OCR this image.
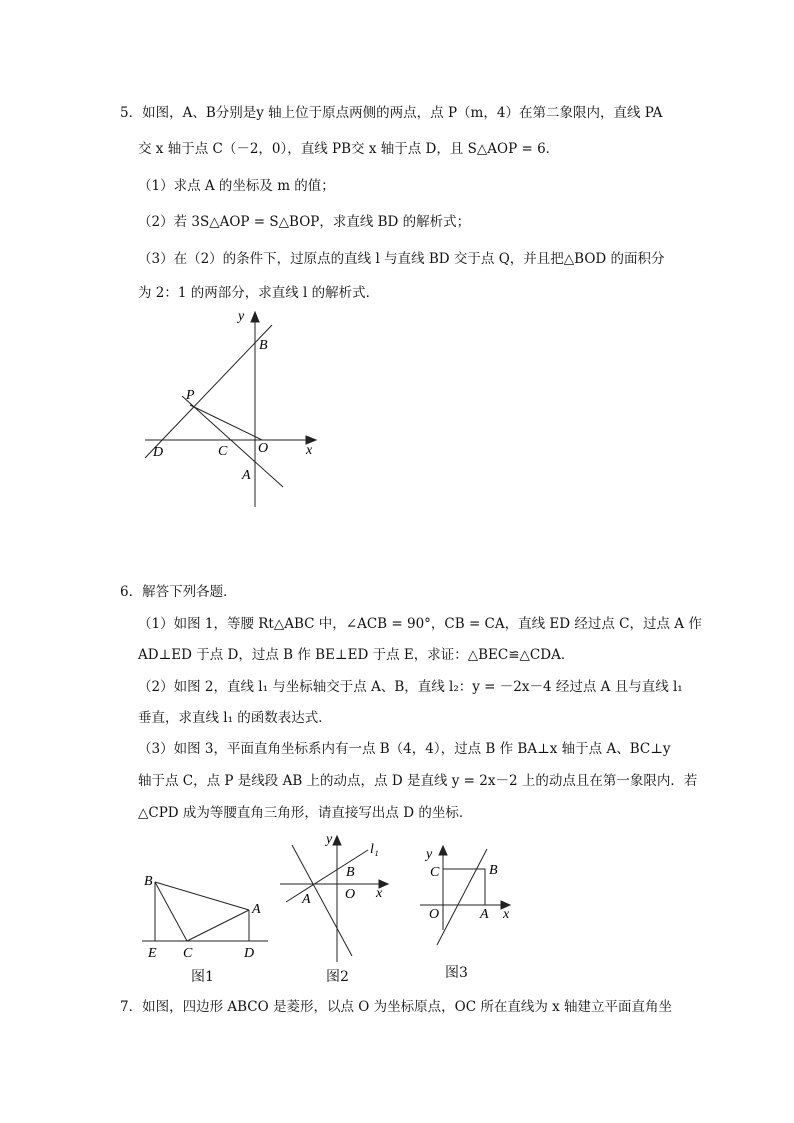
5．如图，A、B分别是y 轴上位于原点两侧的两点，点 P（m，4）在第二象限内，直线 PA
交 x 轴于点 C（－2，0），直线 PB交 x 轴于点 D，且 S△AOP = 6．
（1）求点 A 的坐标及 m 的值；
（2）若 3S△AOP = S△BOP，求直线 BD 的解析式；
（3）在（2）的条件下，过原点的直线 l 与直线 BD 交于点 Q，并且把△BOD 的面积分
为 2：1 的两部分，求直线 l 的解析式．
y
B
P
D	C O	x
A
6．解答下列各题．
（1）如图 1，等腰 Rt△ABC 中，∠ACB = 90°，CB = CA，直线 ED 经过点 C，过点 A 作
AD⊥ED 于点 D，过点 B 作 BE⊥ED 于点 E，求证：△BEC≌△CDA．
（2）如图 2，直线 l₁ 与坐标轴交于点 A、B，直线 l₂：y = －2x－4 经过点 A 且与直线 l₁
垂直，求直线 l₁ 的函数表达式．
（3）如图 3，平面直角坐标系内有一点 B（4，4），过点 B 作 BA⊥x 轴于点 A、BC⊥y
轴于点 C，点 P 是线段 AB 上的动点，点 D 是直线 y = 2x－2 上的动点且在第一象限内．若
△CPD 成为等腰直角三角形，请直接写出点 D 的坐标．
B
A
E C	D
图1
y
l₁
B
O
A	x
图2
y
C	B
O	A x
图3
7．如图，四边形 ABCO 是菱形，以点 O 为坐标原点，OC 所在直线为 x 轴建立平面直角坐
